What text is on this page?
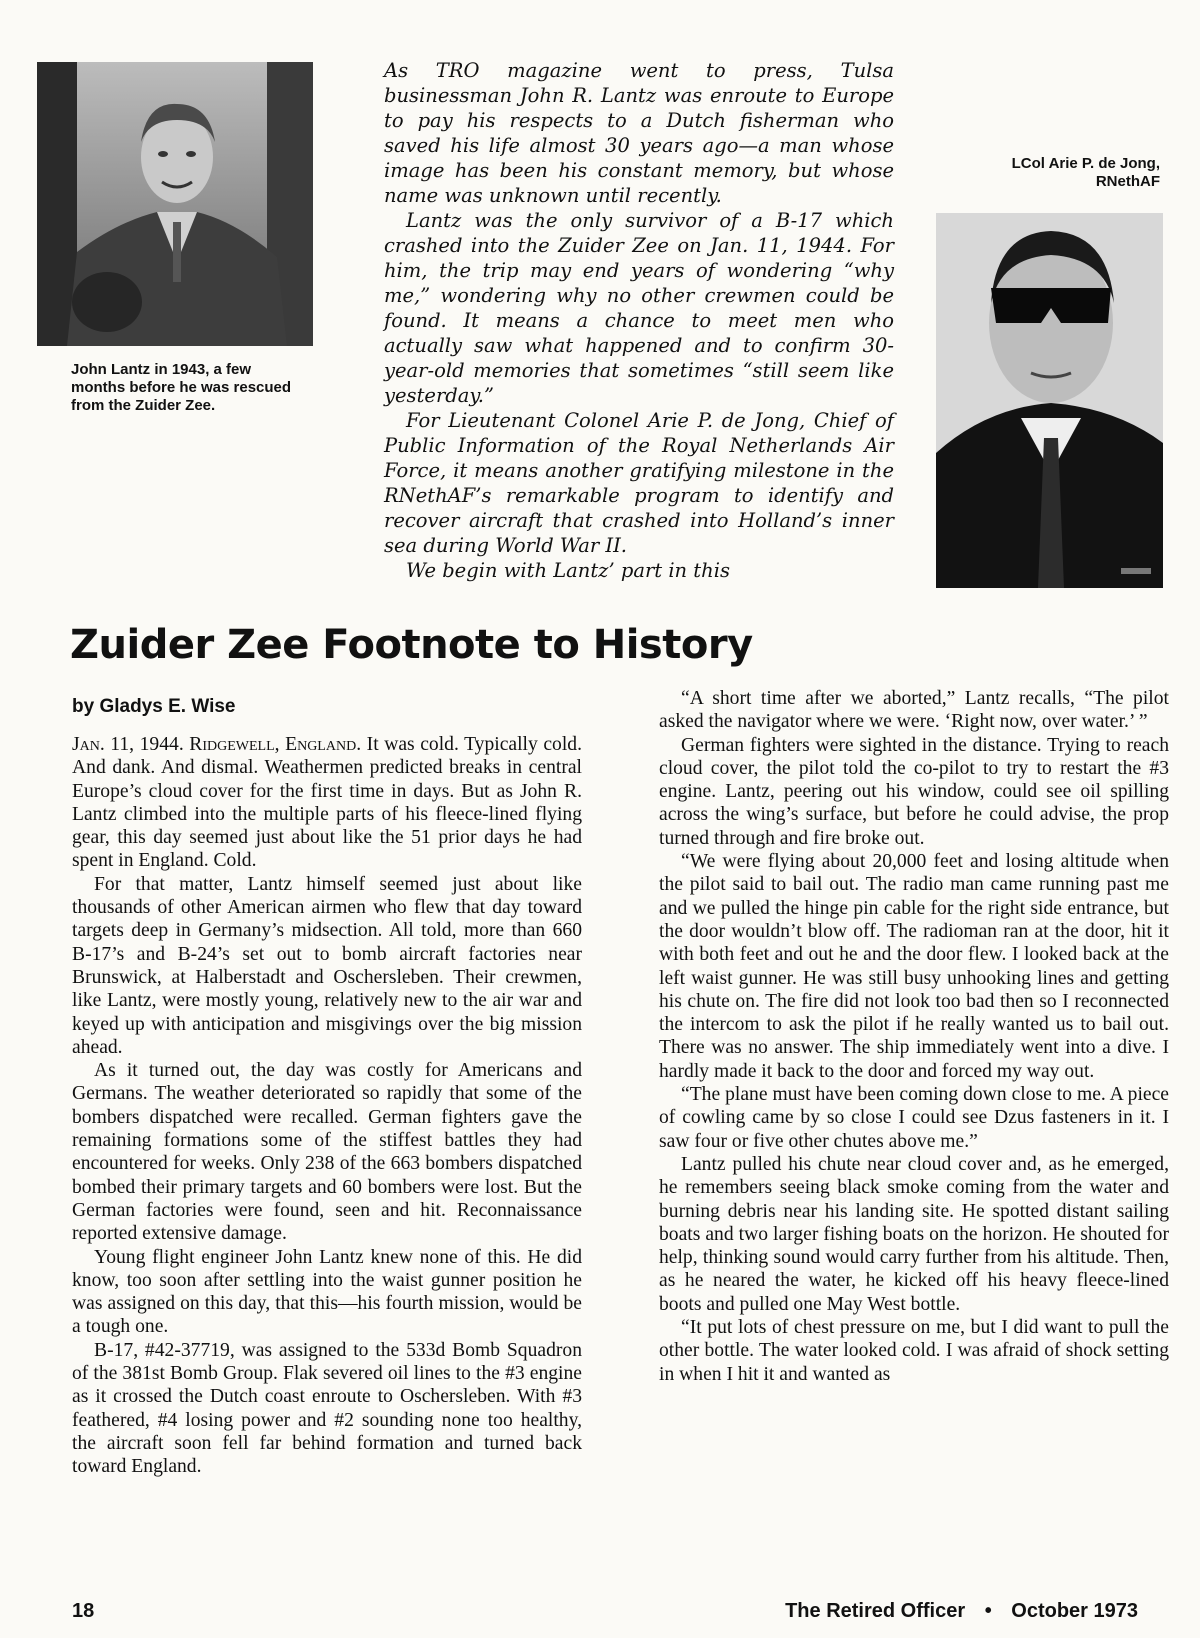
John Lantz in 1943, a few months before he was rescued from the Zuider Zee.

As TRO magazine went to press, Tulsa businessman John R. Lantz was enroute to Europe to pay his respects to a Dutch fisherman who saved his life almost 30 years ago—a man whose image has been his constant memory, but whose name was unknown until recently.

Lantz was the only survivor of a B-17 which crashed into the Zuider Zee on Jan. 11, 1944. For him, the trip may end years of wondering “why me,” wondering why no other crewmen could be found. It means a chance to meet men who actually saw what happened and to confirm 30-year-old memories that sometimes “still seem like yesterday.”

For Lieutenant Colonel Arie P. de Jong, Chief of Public Information of the Royal Netherlands Air Force, it means another gratifying milestone in the RNethAF’s remarkable program to identify and recover aircraft that crashed into Holland’s inner sea during World War II.

We begin with Lantz’ part in this

LCol Arie P. de Jong,
RNethAF
Zuider Zee Footnote to History
by Gladys E. Wise

Jan. 11, 1944. Ridgewell, England. It was cold. Typically cold. And dank. And dismal. Weathermen predicted breaks in central Europe’s cloud cover for the first time in days. But as John R. Lantz climbed into the multiple parts of his fleece-lined flying gear, this day seemed just about like the 51 prior days he had spent in England. Cold.

For that matter, Lantz himself seemed just about like thousands of other American airmen who flew that day toward targets deep in Germany’s midsection. All told, more than 660 B-17’s and B-24’s set out to bomb aircraft factories near Brunswick, at Halberstadt and Oschersleben. Their crewmen, like Lantz, were mostly young, relatively new to the air war and keyed up with anticipation and misgivings over the big mission ahead.

As it turned out, the day was costly for Americans and Germans. The weather deteriorated so rapidly that some of the bombers dispatched were recalled. German fighters gave the remaining formations some of the stiffest battles they had encountered for weeks. Only 238 of the 663 bombers dispatched bombed their primary targets and 60 bombers were lost. But the German factories were found, seen and hit. Reconnaissance reported extensive damage.

Young flight engineer John Lantz knew none of this. He did know, too soon after settling into the waist gunner position he was assigned on this day, that this—his fourth mission, would be a tough one.

B-17, #42-37719, was assigned to the 533d Bomb Squadron of the 381st Bomb Group. Flak severed oil lines to the #3 engine as it crossed the Dutch coast enroute to Oschersleben. With #3 feathered, #4 losing power and #2 sounding none too healthy, the aircraft soon fell far behind formation and turned back toward England.

“A short time after we aborted,” Lantz recalls, “The pilot asked the navigator where we were. ‘Right now, over water.’ ”

German fighters were sighted in the distance. Trying to reach cloud cover, the pilot told the co-pilot to try to restart the #3 engine. Lantz, peering out his window, could see oil spilling across the wing’s surface, but before he could advise, the prop turned through and fire broke out.

“We were flying about 20,000 feet and losing altitude when the pilot said to bail out. The radio man came running past me and we pulled the hinge pin cable for the right side entrance, but the door wouldn’t blow off. The radioman ran at the door, hit it with both feet and out he and the door flew. I looked back at the left waist gunner. He was still busy unhooking lines and getting his chute on. The fire did not look too bad then so I reconnected the intercom to ask the pilot if he really wanted us to bail out. There was no answer. The ship immediately went into a dive. I hardly made it back to the door and forced my way out.

“The plane must have been coming down close to me. A piece of cowling came by so close I could see Dzus fasteners in it. I saw four or five other chutes above me.”

Lantz pulled his chute near cloud cover and, as he emerged, he remembers seeing black smoke coming from the water and burning debris near his landing site. He spotted distant sailing boats and two larger fishing boats on the horizon. He shouted for help, thinking sound would carry further from his altitude. Then, as he neared the water, he kicked off his heavy fleece-lined boots and pulled one May West bottle.

“It put lots of chest pressure on me, but I did want to pull the other bottle. The water looked cold. I was afraid of shock setting in when I hit it and wanted as

18	The Retired Officer • October 1973
